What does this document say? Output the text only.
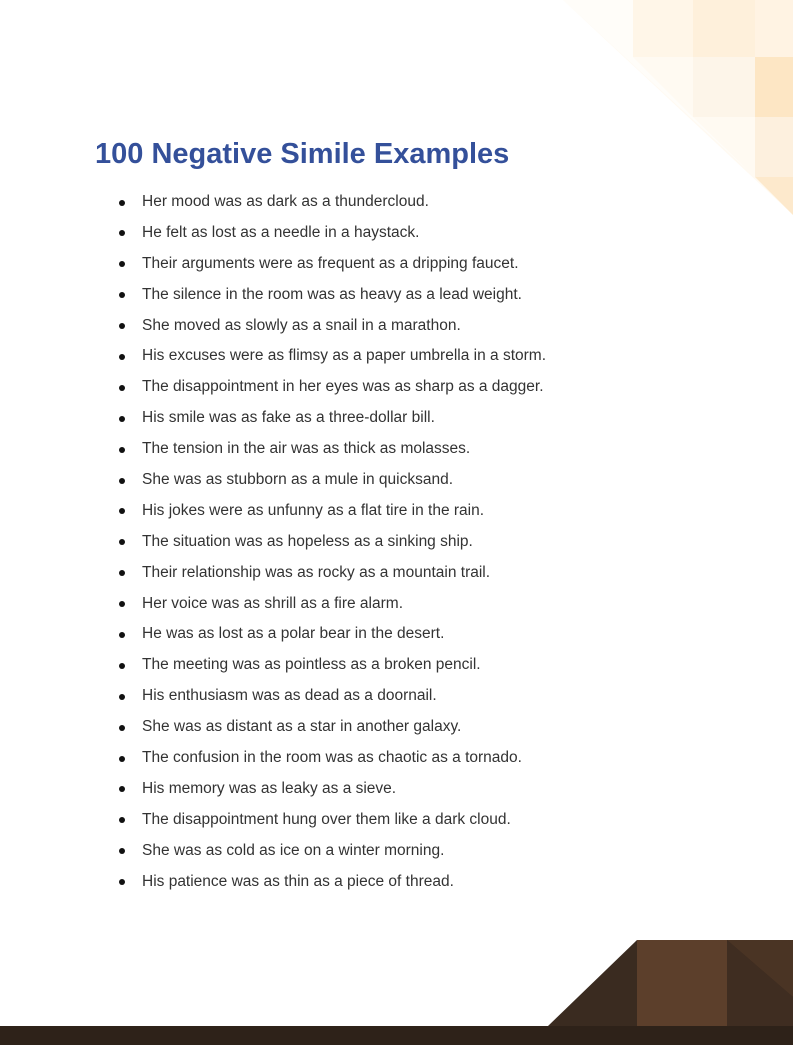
100 Negative Simile Examples
Her mood was as dark as a thundercloud.
He felt as lost as a needle in a haystack.
Their arguments were as frequent as a dripping faucet.
The silence in the room was as heavy as a lead weight.
She moved as slowly as a snail in a marathon.
His excuses were as flimsy as a paper umbrella in a storm.
The disappointment in her eyes was as sharp as a dagger.
His smile was as fake as a three-dollar bill.
The tension in the air was as thick as molasses.
She was as stubborn as a mule in quicksand.
His jokes were as unfunny as a flat tire in the rain.
The situation was as hopeless as a sinking ship.
Their relationship was as rocky as a mountain trail.
Her voice was as shrill as a fire alarm.
He was as lost as a polar bear in the desert.
The meeting was as pointless as a broken pencil.
His enthusiasm was as dead as a doornail.
She was as distant as a star in another galaxy.
The confusion in the room was as chaotic as a tornado.
His memory was as leaky as a sieve.
The disappointment hung over them like a dark cloud.
She was as cold as ice on a winter morning.
His patience was as thin as a piece of thread.
